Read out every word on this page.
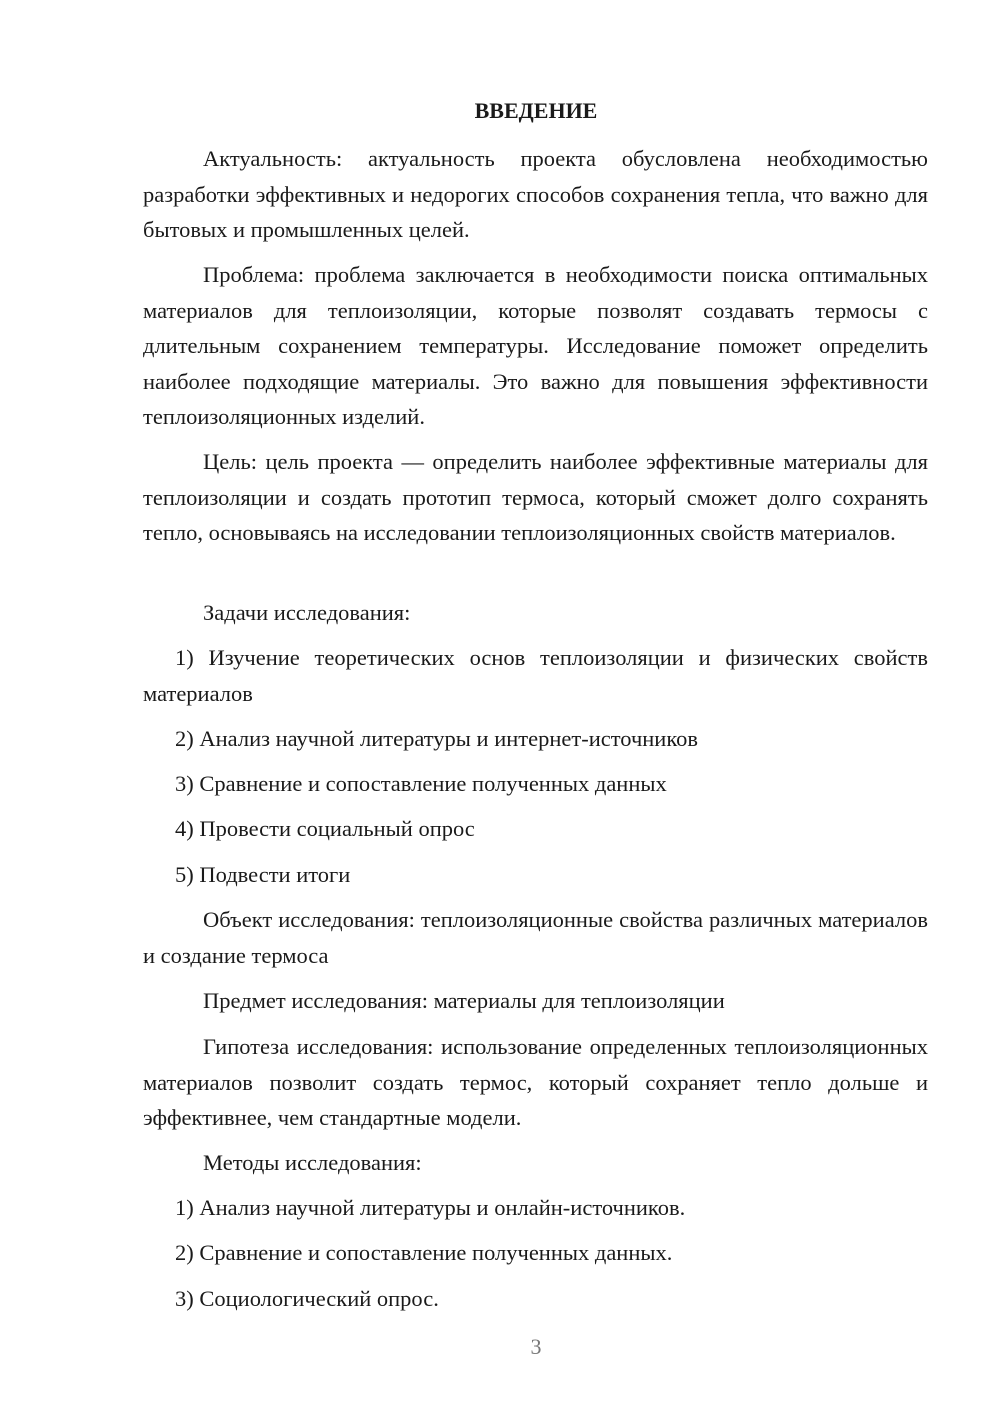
ВВЕДЕНИЕ

Актуальность: актуальность проекта обусловлена необходимостью разработки эффективных и недорогих способов сохранения тепла, что важно для бытовых и промышленных целей.

Проблема: проблема заключается в необходимости поиска оптимальных материалов для теплоизоляции, которые позволят создавать термосы с длительным сохранением температуры. Исследование поможет определить наиболее подходящие материалы. Это важно для повышения эффективности теплоизоляционных изделий.

Цель: цель проекта — определить наиболее эффективные материалы для теплоизоляции и создать прототип термоса, который сможет долго сохранять тепло, основываясь на исследовании теплоизоляционных свойств материалов.

Задачи исследования:

1) Изучение теоретических основ теплоизоляции и физических свойств материалов

2) Анализ научной литературы и интернет-источников
3) Сравнение и сопоставление полученных данных
4) Провести социальный опрос
5) Подвести итоги

Объект исследования: теплоизоляционные свойства различных материалов и создание термоса

Предмет исследования: материалы для теплоизоляции

Гипотеза исследования: использование определенных теплоизоляционных материалов позволит создать термос, который сохраняет тепло дольше и эффективнее, чем стандартные модели.

Методы исследования:
1) Анализ научной литературы и онлайн-источников.
2) Сравнение и сопоставление полученных данных.
3) Социологический опрос.
3
